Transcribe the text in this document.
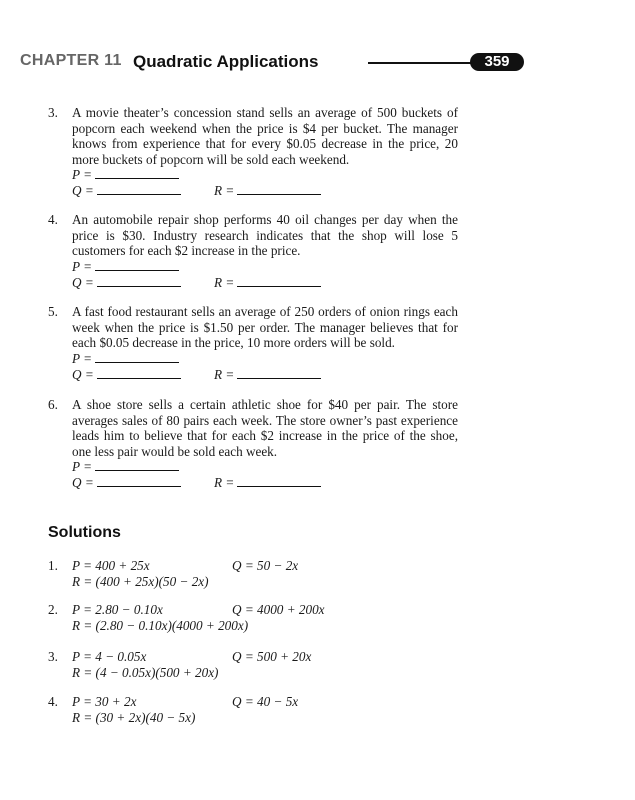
CHAPTER 11 Quadratic Applications	359
3. A movie theater’s concession stand sells an average of 500 buckets of popcorn each weekend when the price is $4 per bucket. The manager knows from experience that for every $0.05 decrease in the price, 20 more buckets of popcorn will be sold each weekend.
P =
Q =	R =
4. An automobile repair shop performs 40 oil changes per day when the price is $30. Industry research indicates that the shop will lose 5 customers for each $2 increase in the price.
P =
Q =	R =
5. A fast food restaurant sells an average of 250 orders of onion rings each week when the price is $1.50 per order. The manager believes that for each $0.05 decrease in the price, 10 more orders will be sold.
P =
Q =	R =
6. A shoe store sells a certain athletic shoe for $40 per pair. The store averages sales of 80 pairs each week. The store owner’s past experience leads him to believe that for each $2 increase in the price of the shoe, one less pair would be sold each week.
P =
Q =	R =
Solutions
1. P = 400 + 25x	Q = 50 − 2x
R = (400 + 25x)(50 − 2x)
2. P = 2.80 − 0.10x	Q = 4000 + 200x
R = (2.80 − 0.10x)(4000 + 200x)
3. P = 4 − 0.05x	Q = 500 + 20x
R = (4 − 0.05x)(500 + 20x)
4. P = 30 + 2x	Q = 40 − 5x
R = (30 + 2x)(40 − 5x)
